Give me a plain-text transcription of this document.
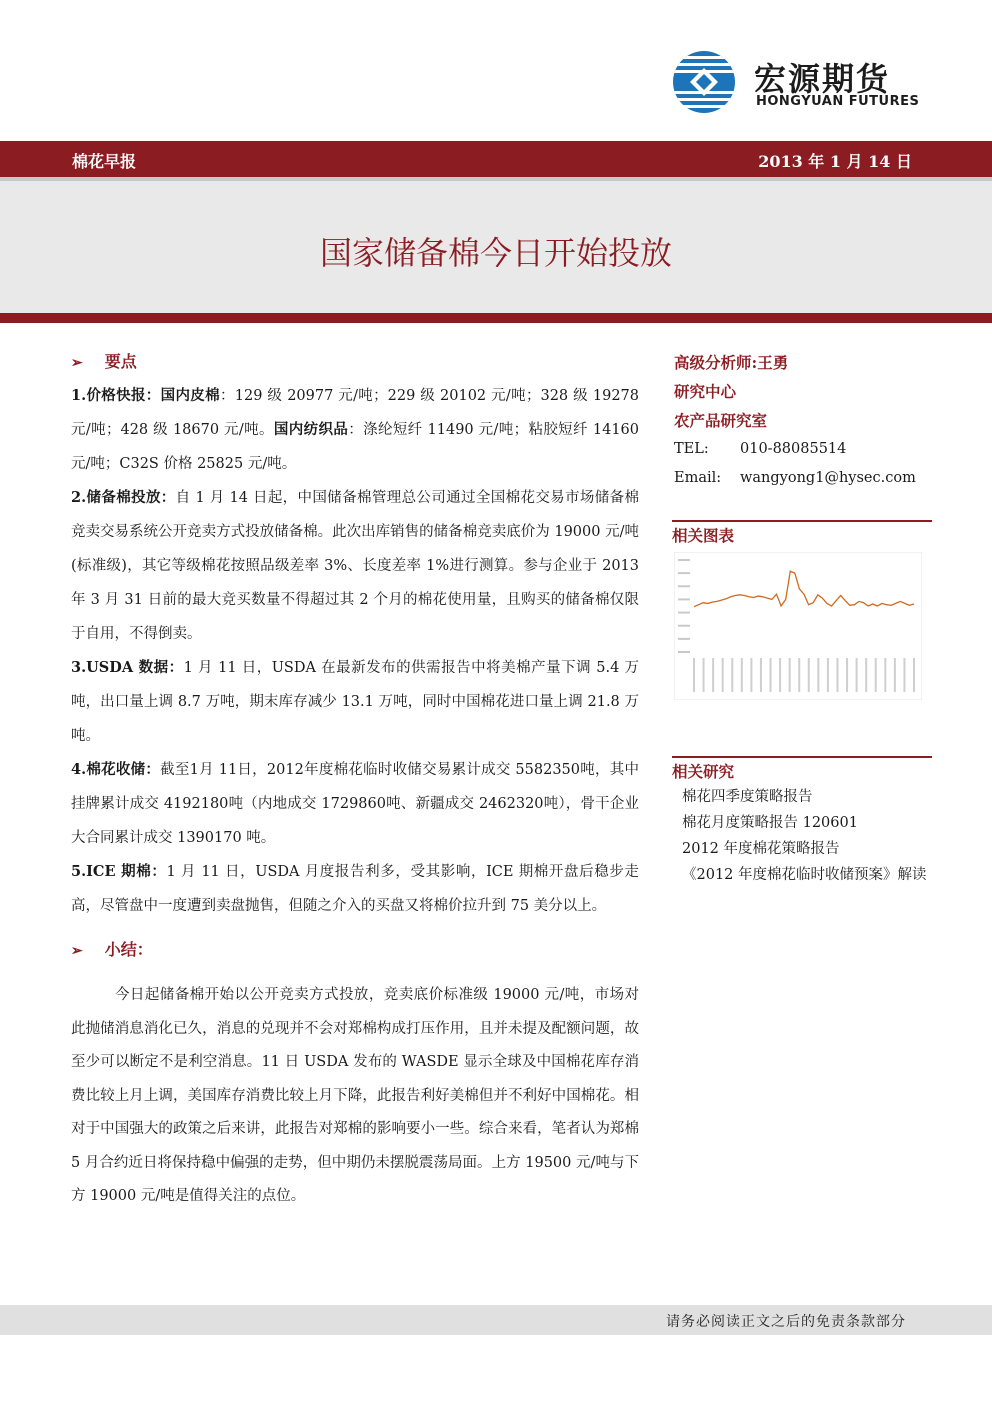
宏源期货
HONGYUAN FUTURES
棉花早报	2013 年 1 月 14 日
国家储备棉今日开始投放
➢ 要点
1.价格快报：国内皮棉：129 级 20977 元/吨；229 级 20102 元/吨；328 级 19278 元/吨；428 级 18670 元/吨。国内纺织品：涤纶短纤 11490 元/吨；粘胶短纤 14160 元/吨；C32S 价格 25825 元/吨。
2.储备棉投放：自 1 月 14 日起，中国储备棉管理总公司通过全国棉花交易市场储备棉竞卖交易系统公开竞卖方式投放储备棉。此次出库销售的储备棉竞卖底价为 19000 元/吨(标准级)，其它等级棉花按照品级差率 3%、长度差率 1%进行测算。参与企业于 2013 年 3 月 31 日前的最大竞买数量不得超过其 2 个月的棉花使用量，且购买的储备棉仅限于自用，不得倒卖。
3.USDA 数据：1 月 11 日，USDA 在最新发布的供需报告中将美棉产量下调 5.4 万吨，出口量上调 8.7 万吨，期末库存减少 13.1 万吨，同时中国棉花进口量上调 21.8 万吨。
4.棉花收储：截至1月 11日，2012年度棉花临时收储交易累计成交 5582350吨，其中挂牌累计成交 4192180吨（内地成交 1729860吨、新疆成交 2462320吨），骨干企业大合同累计成交 1390170 吨。
5.ICE 期棉：1 月 11 日，USDA 月度报告利多，受其影响，ICE 期棉开盘后稳步走高，尽管盘中一度遭到卖盘抛售，但随之介入的买盘又将棉价拉升到 75 美分以上。
➢ 小结：
今日起储备棉开始以公开竞卖方式投放，竞卖底价标准级 19000 元/吨，市场对此抛储消息消化已久，消息的兑现并不会对郑棉构成打压作用，且并未提及配额问题，故至少可以断定不是利空消息。11 日 USDA 发布的 WASDE 显示全球及中国棉花库存消费比较上月上调，美国库存消费比较上月下降，此报告利好美棉但并不利好中国棉花。相对于中国强大的政策之后来讲，此报告对郑棉的影响要小一些。综合来看，笔者认为郑棉 5 月合约近日将保持稳中偏强的走势，但中期仍未摆脱震荡局面。上方 19500 元/吨与下方 19000 元/吨是值得关注的点位。
高级分析师:王勇
研究中心
农产品研究室
TEL: 010-88085514
Email: wangyong1@hysec.com
相关图表
相关研究
棉花四季度策略报告
棉花月度策略报告 120601
2012 年度棉花策略报告
《2012 年度棉花临时收储预案》解读
请务必阅读正文之后的免责条款部分
